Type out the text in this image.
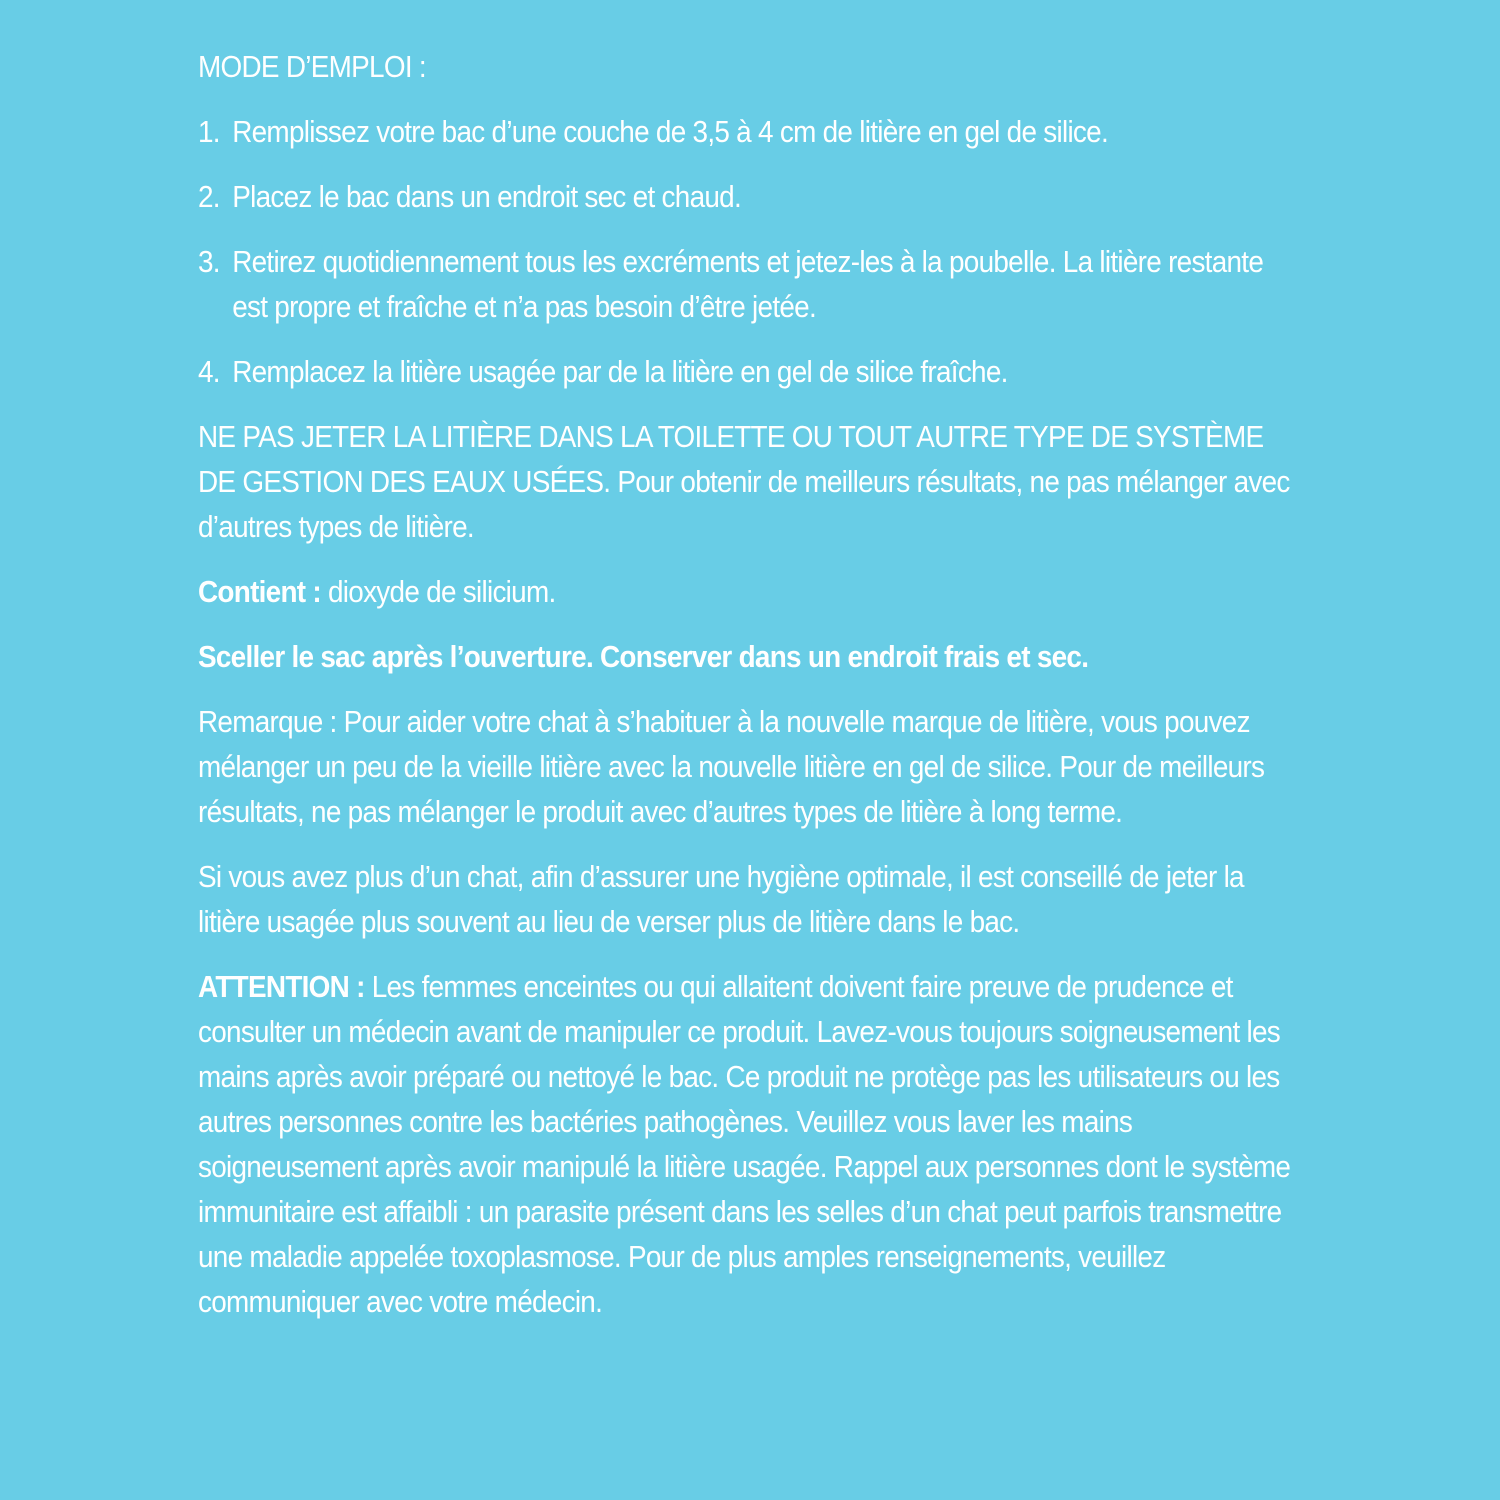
MODE D’EMPLOI :
1. Remplissez votre bac d’une couche de 3,5 à 4 cm de litière en gel de silice.
2. Placez le bac dans un endroit sec et chaud.
3. Retirez quotidiennement tous les excréments et jetez-les à la poubelle. La litière restante est propre et fraîche et n’a pas besoin d’être jetée.
4. Remplacez la litière usagée par de la litière en gel de silice fraîche.

NE PAS JETER LA LITIÈRE DANS LA TOILETTE OU TOUT AUTRE TYPE DE SYSTÈME DE GESTION DES EAUX USÉES. Pour obtenir de meilleurs résultats, ne pas mélanger avec d’autres types de litière.

Contient : dioxyde de silicium.

Sceller le sac après l’ouverture. Conserver dans un endroit frais et sec.

Remarque : Pour aider votre chat à s’habituer à la nouvelle marque de litière, vous pouvez mélanger un peu de la vieille litière avec la nouvelle litière en gel de silice. Pour de meilleurs résultats, ne pas mélanger le produit avec d’autres types de litière à long terme.

Si vous avez plus d’un chat, afin d’assurer une hygiène optimale, il est conseillé de jeter la litière usagée plus souvent au lieu de verser plus de litière dans le bac.

ATTENTION : Les femmes enceintes ou qui allaitent doivent faire preuve de prudence et consulter un médecin avant de manipuler ce produit. Lavez-vous toujours soigneusement les mains après avoir préparé ou nettoyé le bac. Ce produit ne protège pas les utilisateurs ou les autres personnes contre les bactéries pathogènes. Veuillez vous laver les mains soigneusement après avoir manipulé la litière usagée. Rappel aux personnes dont le système immunitaire est affaibli : un parasite présent dans les selles d’un chat peut parfois transmettre une maladie appelée toxoplasmose. Pour de plus amples renseignements, veuillez communiquer avec votre médecin.
